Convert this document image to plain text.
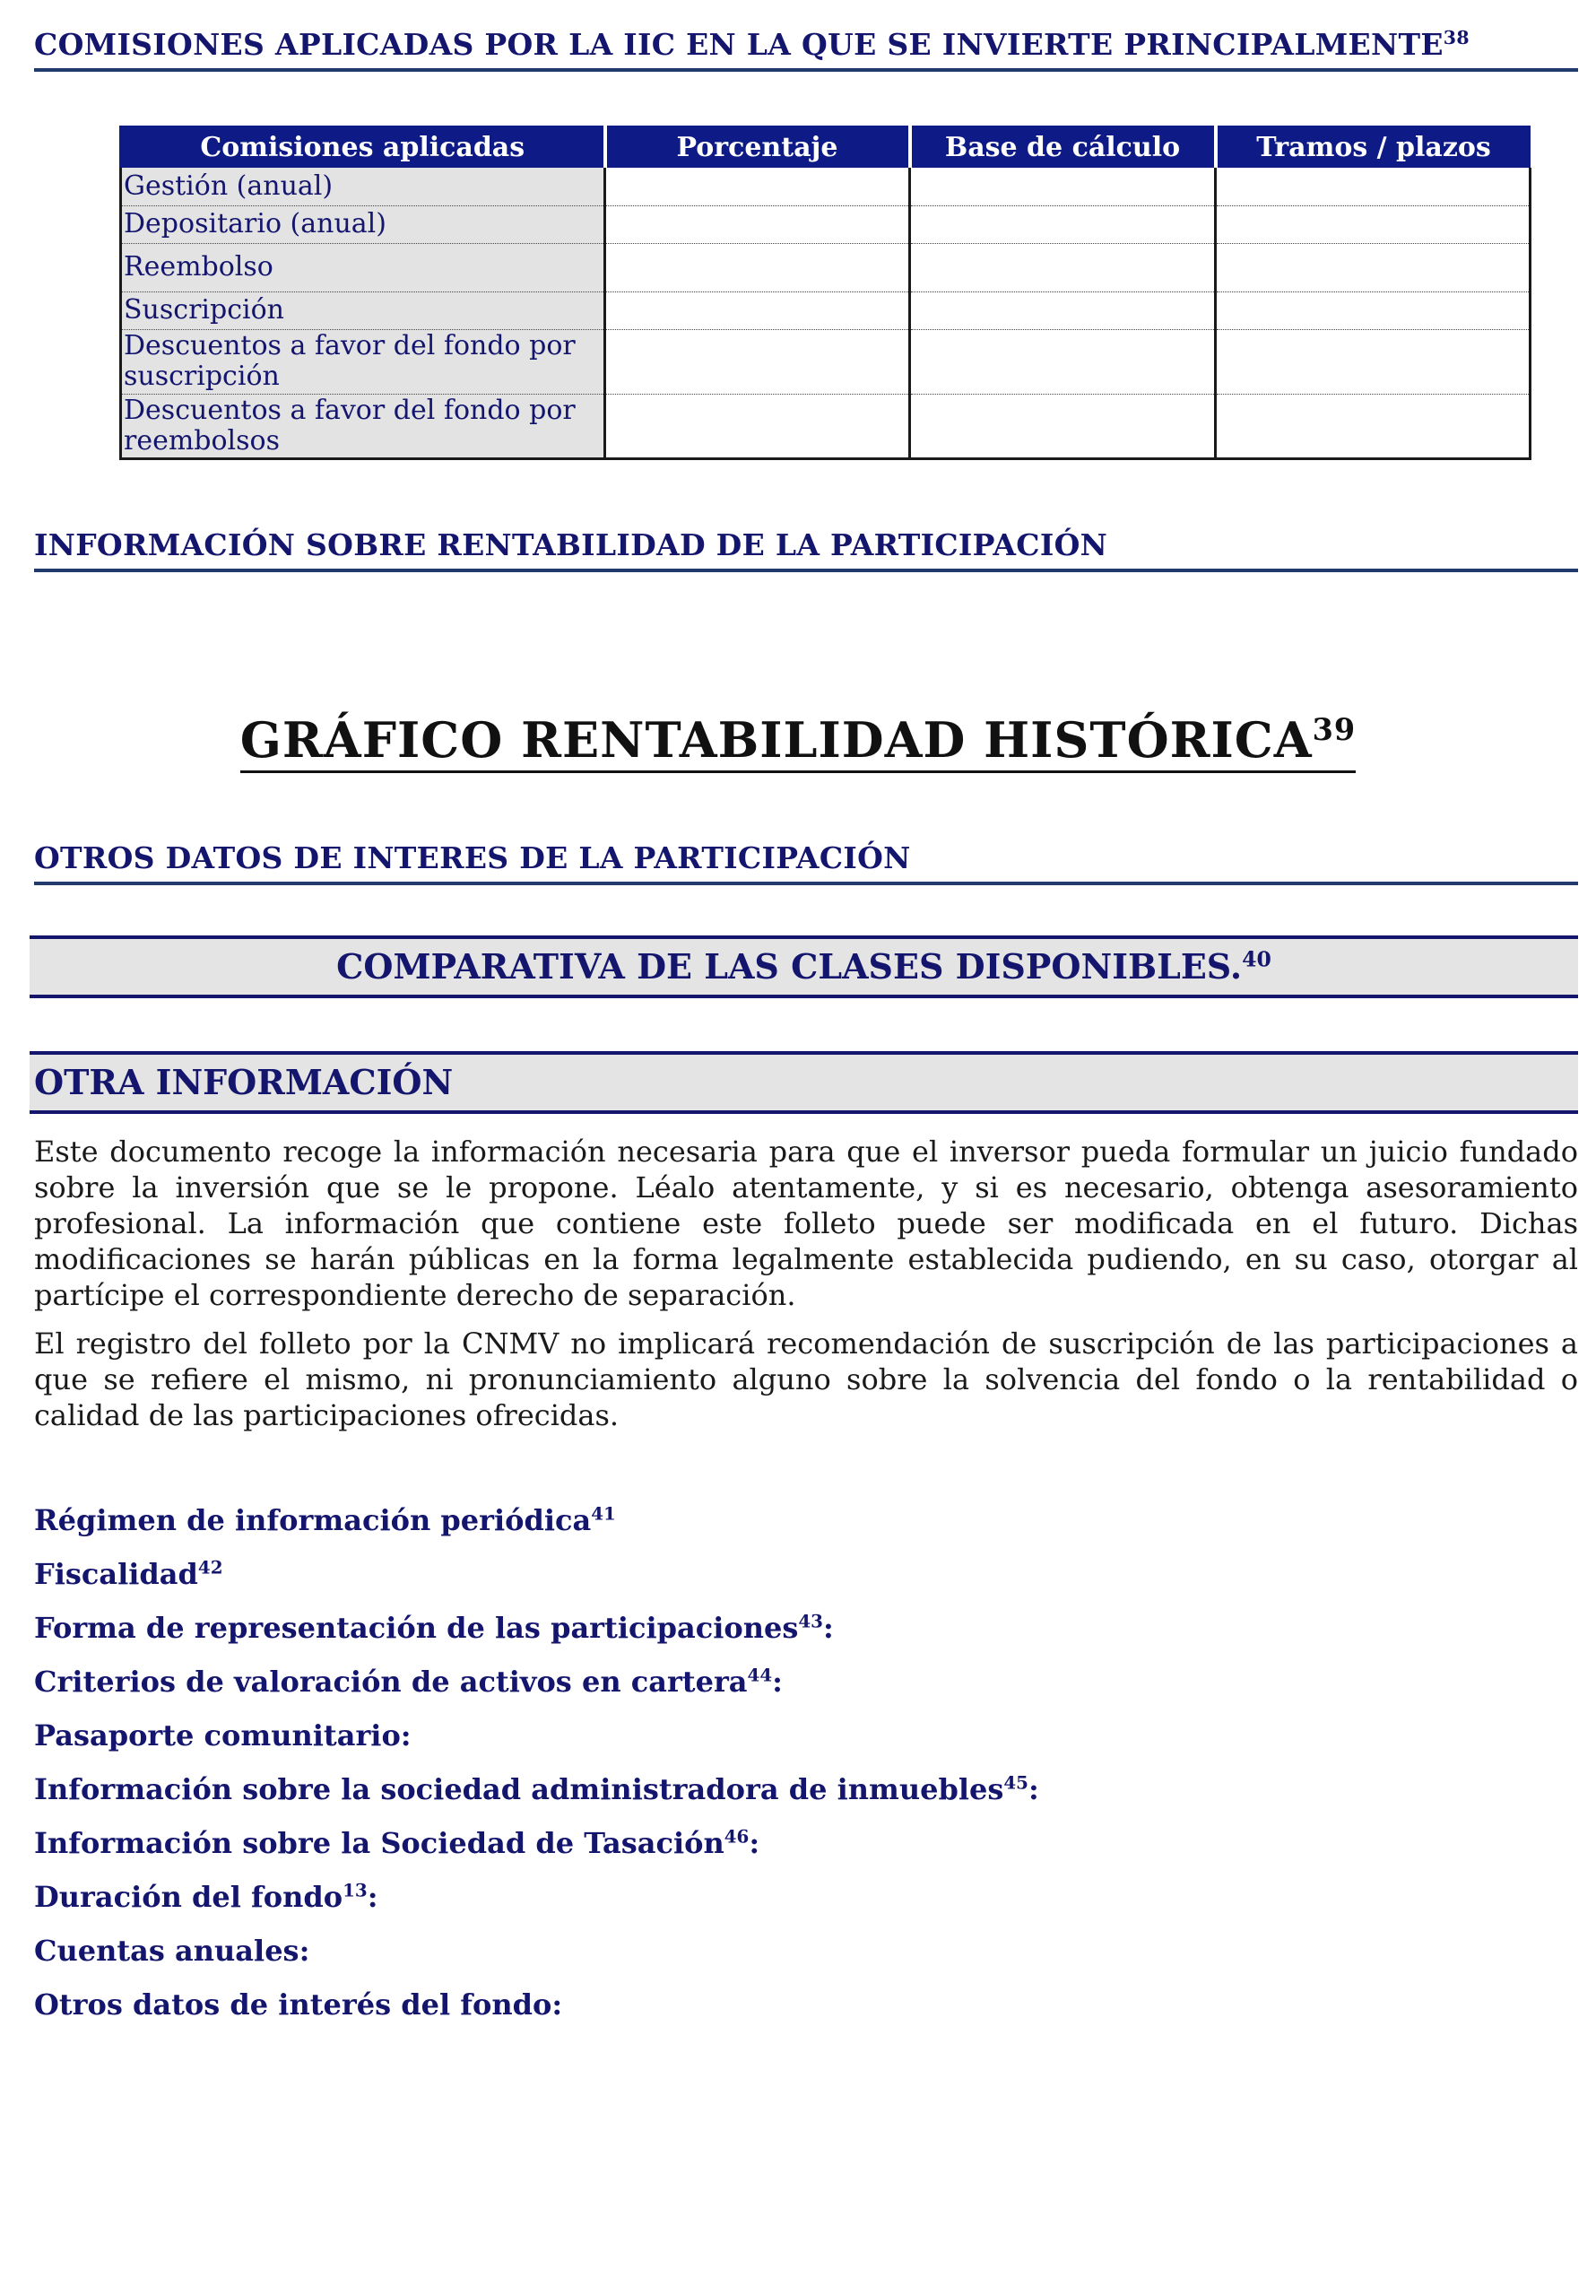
COMISIONES APLICADAS POR LA IIC EN LA QUE SE INVIERTE PRINCIPALMENTE$^{38}$
Comisiones aplicadas	Porcentaje	Base de cálculo	Tramos / plazos
Gestión (anual)			
Depositario (anual)			
Reembolso			
Suscripción			
Descuentos a favor del fondo por suscripción			
Descuentos a favor del fondo por reembolsos			
INFORMACIÓN SOBRE RENTABILIDAD DE LA PARTICIPACIÓN
GRÁFICO RENTABILIDAD HISTÓRICA$^{39}$
OTROS DATOS DE INTERES DE LA PARTICIPACIÓN
COMPARATIVA DE LAS CLASES DISPONIBLES.$^{40}$
OTRA INFORMACIÓN

Este documento recoge la información necesaria para que el inversor pueda formular un juicio fundado sobre la inversión que se le propone. Léalo atentamente, y si es necesario, obtenga asesoramiento profesional. La información que contiene este folleto puede ser modificada en el futuro. Dichas modificaciones se harán públicas en la forma legalmente establecida pudiendo, en su caso, otorgar al partícipe el correspondiente derecho de separación.

El registro del folleto por la CNMV no implicará recomendación de suscripción de las participaciones a que se refiere el mismo, ni pronunciamiento alguno sobre la solvencia del fondo o la rentabilidad o calidad de las participaciones ofrecidas.

Régimen de información periódica$^{41}$
Fiscalidad$^{42}$
Forma de representación de las participaciones$^{43}$:
Criterios de valoración de activos en cartera$^{44}$:
Pasaporte comunitario:
Información sobre la sociedad administradora de inmuebles$^{45}$:
Información sobre la Sociedad de Tasación$^{46}$:
Duración del fondo$^{13}$:
Cuentas anuales:
Otros datos de interés del fondo:
